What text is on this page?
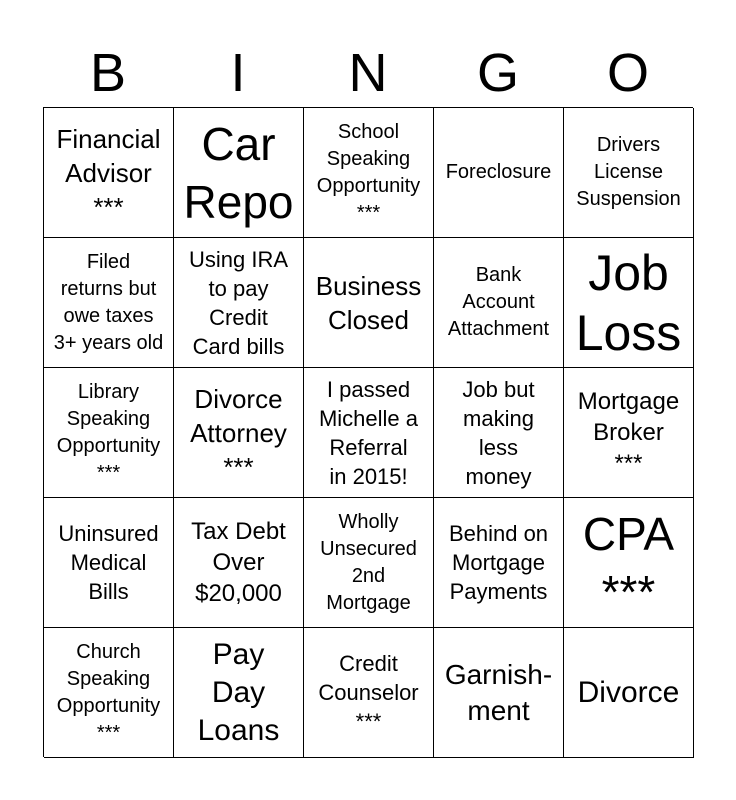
B	I	N	G	O
Financial
Advisor
***
Car
Repo
School
Speaking
Opportunity
***
Foreclosure
Drivers
License
Suspension
Filed
returns but
owe taxes
3+ years old
Using IRA
to pay
Credit
Card bills
Business
Closed
Bank
Account
Attachment
Job
Loss
Library
Speaking
Opportunity
***
Divorce
Attorney
***
I passed
Michelle a
Referral
in 2015!
Job but
making
less
money
Mortgage
Broker
***
Uninsured
Medical
Bills
Tax Debt
Over
$20,000
Wholly
Unsecured
2nd
Mortgage
Behind on
Mortgage
Payments
CPA
***
Church
Speaking
Opportunity
***
Pay
Day
Loans
Credit
Counselor
***
Garnish-
ment
Divorce
